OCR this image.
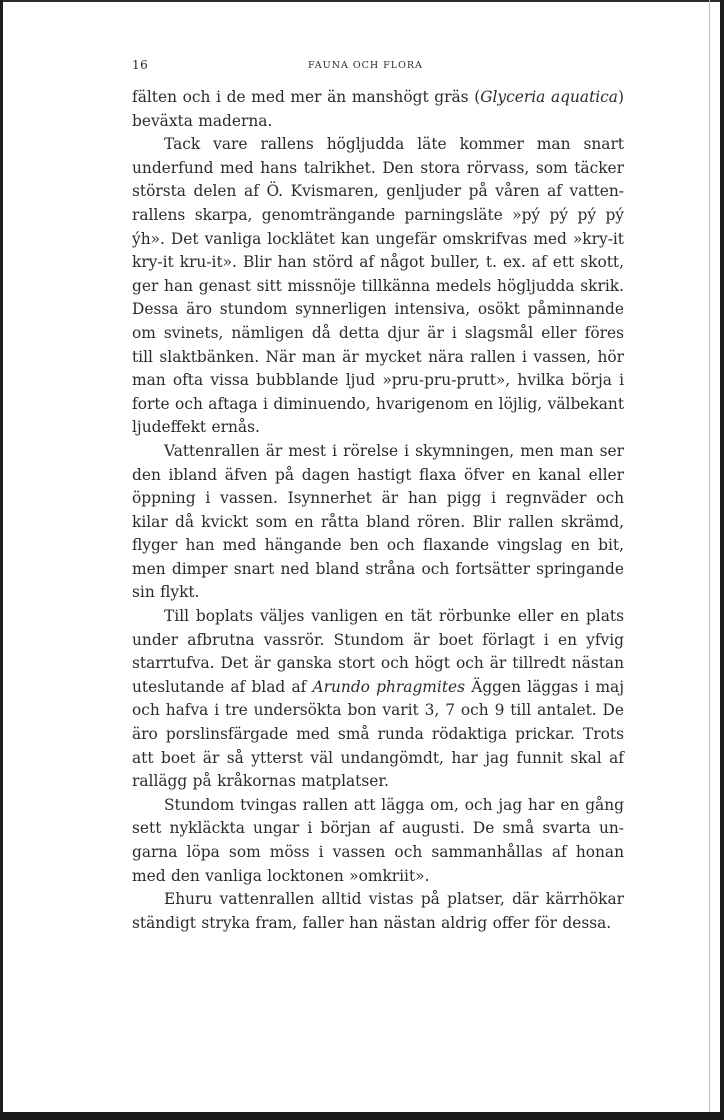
16	FAUNA OCH FLORA

fälten och i de med mer än manshögt gräs (Glyceria aquatica) beväxta maderna.

Tack vare rallens högljudda läte kommer man snart underfund med hans talrikhet. Den stora rörvass, som täcker största delen af Ö. Kvismaren, genljuder på våren af vattenrallens skarpa, genomträngande parningsläte »pý pý pý pý ýh». Det vanliga locklätet kan ungefär omskrifvas med »kry-it kry-it kru-it». Blir han störd af något buller, t. ex. af ett skott, ger han genast sitt missnöje tillkänna medels högljudda skrik. Dessa äro stundom synnerligen intensiva, osökt påminnande om svinets, nämligen då detta djur är i slagsmål eller föres till slaktbänken. När man är mycket nära rallen i vassen, hör man ofta vissa bubblande ljud »pru-pru-prutt», hvilka börja i forte och aftaga i diminuendo, hvarigenom en löjlig, välbekant ljudeffekt ernås.

Vattenrallen är mest i rörelse i skymningen, men man ser den ibland äfven på dagen hastigt flaxa öfver en kanal eller öppning i vassen. Isynnerhet är han pigg i regnväder och kilar då kvickt som en råtta bland rören. Blir rallen skrämd, flyger han med hängande ben och flaxande vingslag en bit, men dimper snart ned bland stråna och fortsätter springande sin flykt.

Till boplats väljes vanligen en tät rörbunke eller en plats under afbrutna vassrör. Stundom är boet förlagt i en yfvig starrtufva. Det är ganska stort och högt och är tillredt nästan uteslutande af blad af Arundo phragmites Äggen läggas i maj och hafva i tre undersökta bon varit 3, 7 och 9 till antalet. De äro porslinsfärgade med små runda rödaktiga prickar. Trots att boet är så ytterst väl undangömdt, har jag funnit skal af rallägg på kråkornas matplatser.

Stundom tvingas rallen att lägga om, och jag har en gång sett nykläckta ungar i början af augusti. De små svarta ungarna löpa som möss i vassen och sammanhållas af honan med den vanliga locktonen »omkriit».

Ehuru vattenrallen alltid vistas på platser, där kärrhökar ständigt stryka fram, faller han nästan aldrig offer för dessa.
